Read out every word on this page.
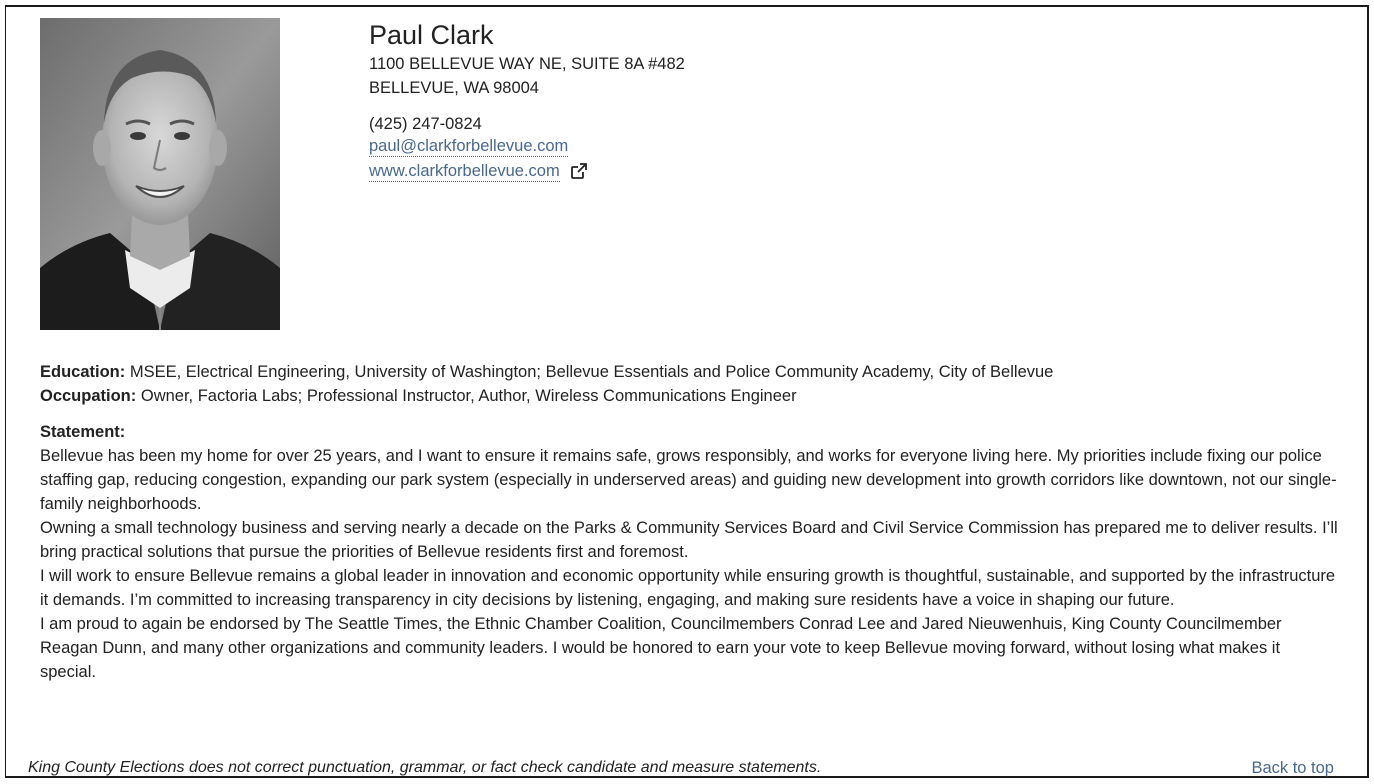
Paul Clark
1100 BELLEVUE WAY NE, SUITE 8A #482
BELLEVUE, WA 98004
(425) 247-0824
paul@clarkforbellevue.com
www.clarkforbellevue.com
Education: MSEE, Electrical Engineering, University of Washington; Bellevue Essentials and Police Community Academy, City of Bellevue
Occupation: Owner, Factoria Labs; Professional Instructor, Author, Wireless Communications Engineer
Statement:
Bellevue has been my home for over 25 years, and I want to ensure it remains safe, grows responsibly, and works for everyone living here. My priorities include fixing our police staffing gap, reducing congestion, expanding our park system (especially in underserved areas) and guiding new development into growth corridors like downtown, not our single-family neighborhoods.
Owning a small technology business and serving nearly a decade on the Parks & Community Services Board and Civil Service Commission has prepared me to deliver results. I’ll bring practical solutions that pursue the priorities of Bellevue residents first and foremost.
I will work to ensure Bellevue remains a global leader in innovation and economic opportunity while ensuring growth is thoughtful, sustainable, and supported by the infrastructure it demands. I’m committed to increasing transparency in city decisions by listening, engaging, and making sure residents have a voice in shaping our future.
I am proud to again be endorsed by The Seattle Times, the Ethnic Chamber Coalition, Councilmembers Conrad Lee and Jared Nieuwenhuis, King County Councilmember Reagan Dunn, and many other organizations and community leaders. I would be honored to earn your vote to keep Bellevue moving forward, without losing what makes it special.
King County Elections does not correct punctuation, grammar, or fact check candidate and measure statements.	Back to top
